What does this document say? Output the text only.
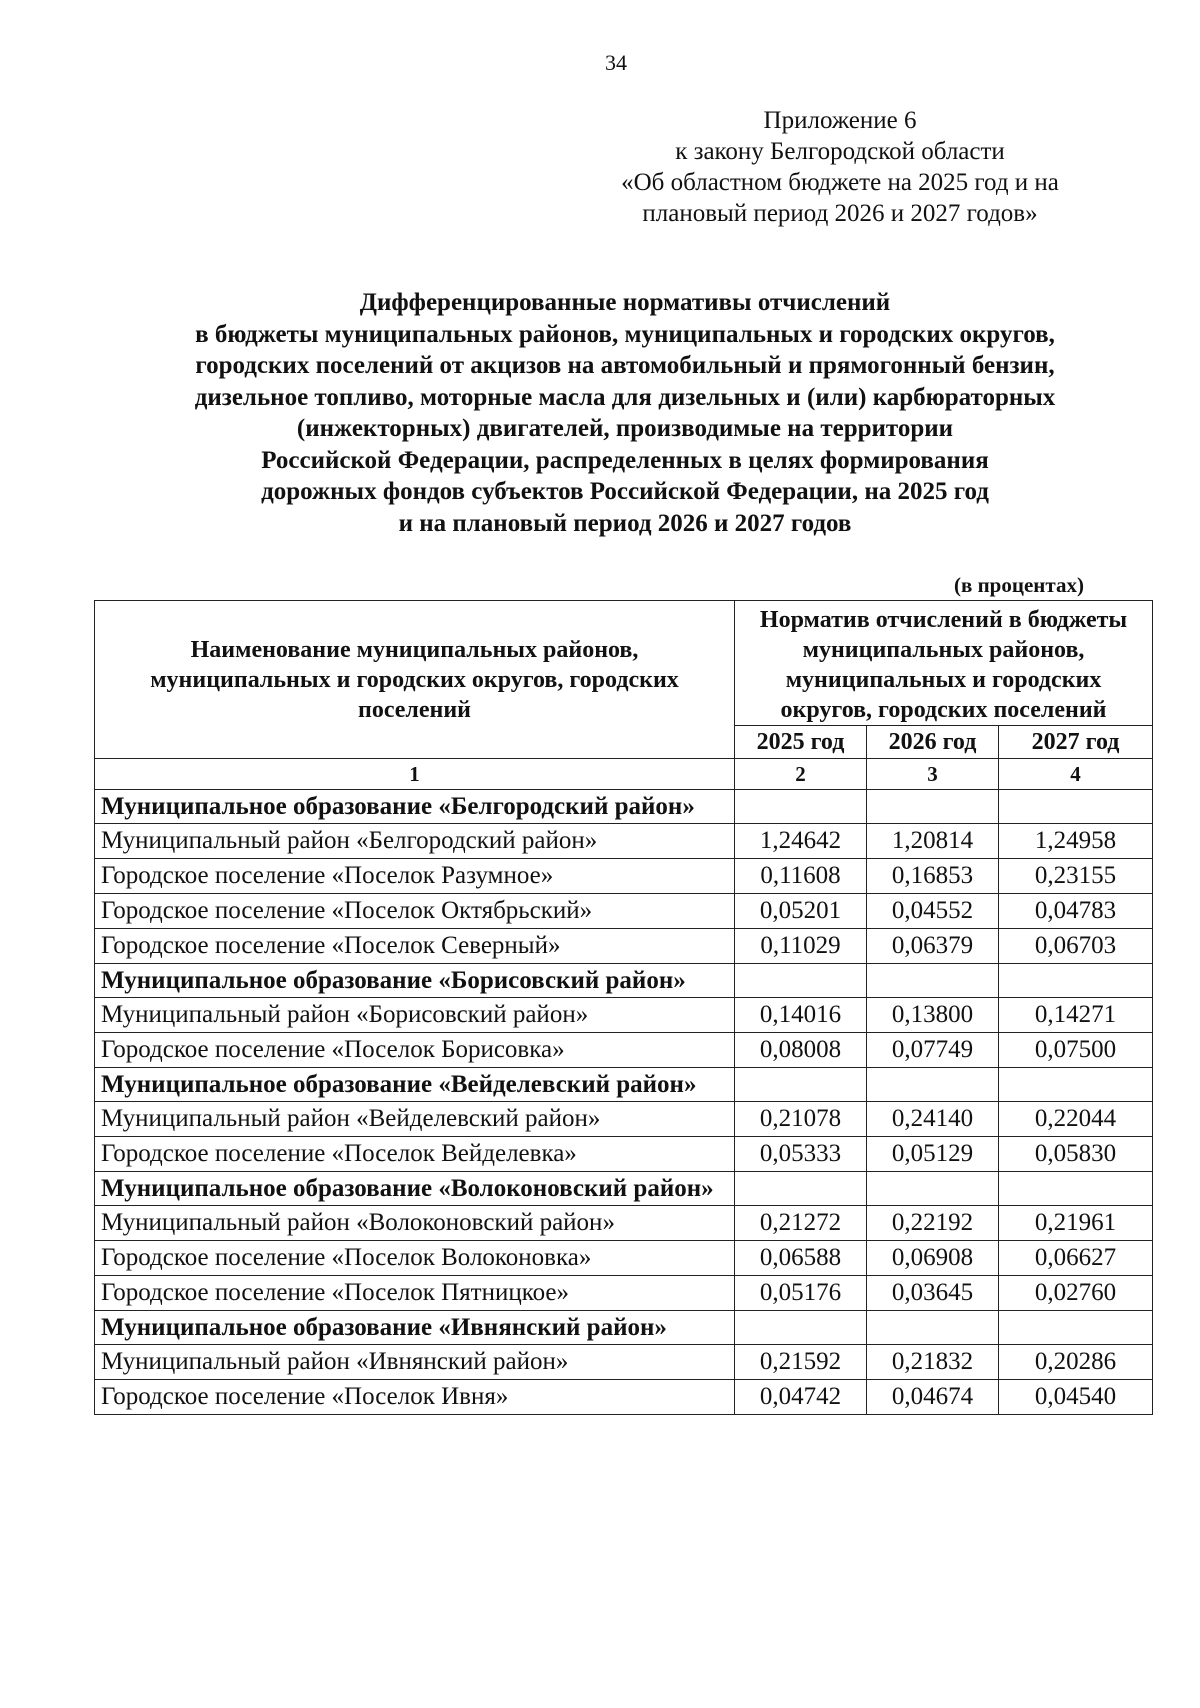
34
Приложение 6
к закону Белгородской области
«Об областном бюджете на 2025 год и на
плановый период 2026 и 2027 годов»
Дифференцированные нормативы отчислений
в бюджеты муниципальных районов, муниципальных и городских округов,
городских поселений от акцизов на автомобильный и прямогонный бензин,
дизельное топливо, моторные масла для дизельных и (или) карбюраторных
(инжекторных) двигателей, производимые на территории
Российской Федерации, распределенных в целях формирования
дорожных фондов субъектов Российской Федерации, на 2025 год
и на плановый период 2026 и 2027 годов
(в процентах)
Наименование муниципальных районов, муниципальных и городских округов, городских поселений	Норматив отчислений в бюджеты муниципальных районов, муниципальных и городских округов, городских поселений		
	2025 год	2026 год	2027 год
1	2	3	4
Муниципальное образование «Белгородский район»			
Муниципальный район «Белгородский район»	1,24642	1,20814	1,24958
Городское поселение «Поселок Разумное»	0,11608	0,16853	0,23155
Городское поселение «Поселок Октябрьский»	0,05201	0,04552	0,04783
Городское поселение «Поселок Северный»	0,11029	0,06379	0,06703
Муниципальное образование «Борисовский район»			
Муниципальный район «Борисовский район»	0,14016	0,13800	0,14271
Городское поселение «Поселок Борисовка»	0,08008	0,07749	0,07500
Муниципальное образование «Вейделевский район»			
Муниципальный район «Вейделевский район»	0,21078	0,24140	0,22044
Городское поселение «Поселок Вейделевка»	0,05333	0,05129	0,05830
Муниципальное образование «Волоконовский район»			
Муниципальный район «Волоконовский район»	0,21272	0,22192	0,21961
Городское поселение «Поселок Волоконовка»	0,06588	0,06908	0,06627
Городское поселение «Поселок Пятницкое»	0,05176	0,03645	0,02760
Муниципальное образование «Ивнянский район»			
Муниципальный район «Ивнянский район»	0,21592	0,21832	0,20286
Городское поселение «Поселок Ивня»	0,04742	0,04674	0,04540
